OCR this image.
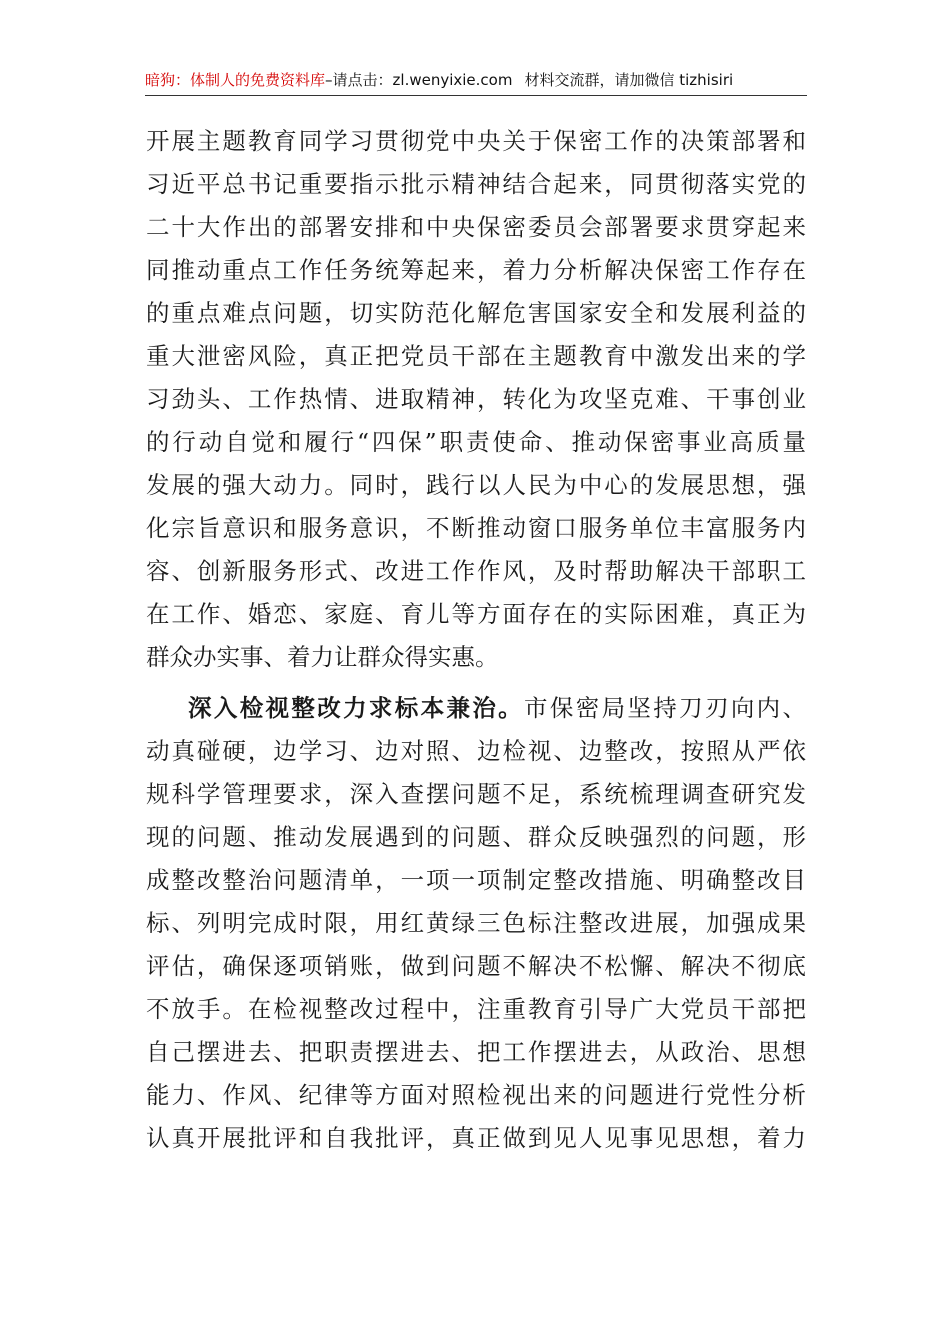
暗狗：体制人的免费资料库–请点击：zl.wenyixie.com 材料交流群，请加微信 tizhisiri
开展主题教育同学习贯彻党中央关于保密工作的决策部署和
习近平总书记重要指示批示精神结合起来，同贯彻落实党的
二十大作出的部署安排和中央保密委员会部署要求贯穿起来
同推动重点工作任务统筹起来，着力分析解决保密工作存在
的重点难点问题，切实防范化解危害国家安全和发展利益的
重大泄密风险，真正把党员干部在主题教育中激发出来的学
习劲头、工作热情、进取精神，转化为攻坚克难、干事创业
的行动自觉和履行“四保”职责使命、推动保密事业高质量
发展的强大动力。同时，践行以人民为中心的发展思想，强
化宗旨意识和服务意识，不断推动窗口服务单位丰富服务内
容、创新服务形式、改进工作作风，及时帮助解决干部职工
在工作、婚恋、家庭、育儿等方面存在的实际困难，真正为
群众办实事、着力让群众得实惠。
深入检视整改力求标本兼治。市保密局坚持刀刃向内、
动真碰硬，边学习、边对照、边检视、边整改，按照从严依
规科学管理要求，深入查摆问题不足，系统梳理调查研究发
现的问题、推动发展遇到的问题、群众反映强烈的问题，形
成整改整治问题清单，一项一项制定整改措施、明确整改目
标、列明完成时限，用红黄绿三色标注整改进展，加强成果
评估，确保逐项销账，做到问题不解决不松懈、解决不彻底
不放手。在检视整改过程中，注重教育引导广大党员干部把
自己摆进去、把职责摆进去、把工作摆进去，从政治、思想
能力、作风、纪律等方面对照检视出来的问题进行党性分析
认真开展批评和自我批评，真正做到见人见事见思想，着力
